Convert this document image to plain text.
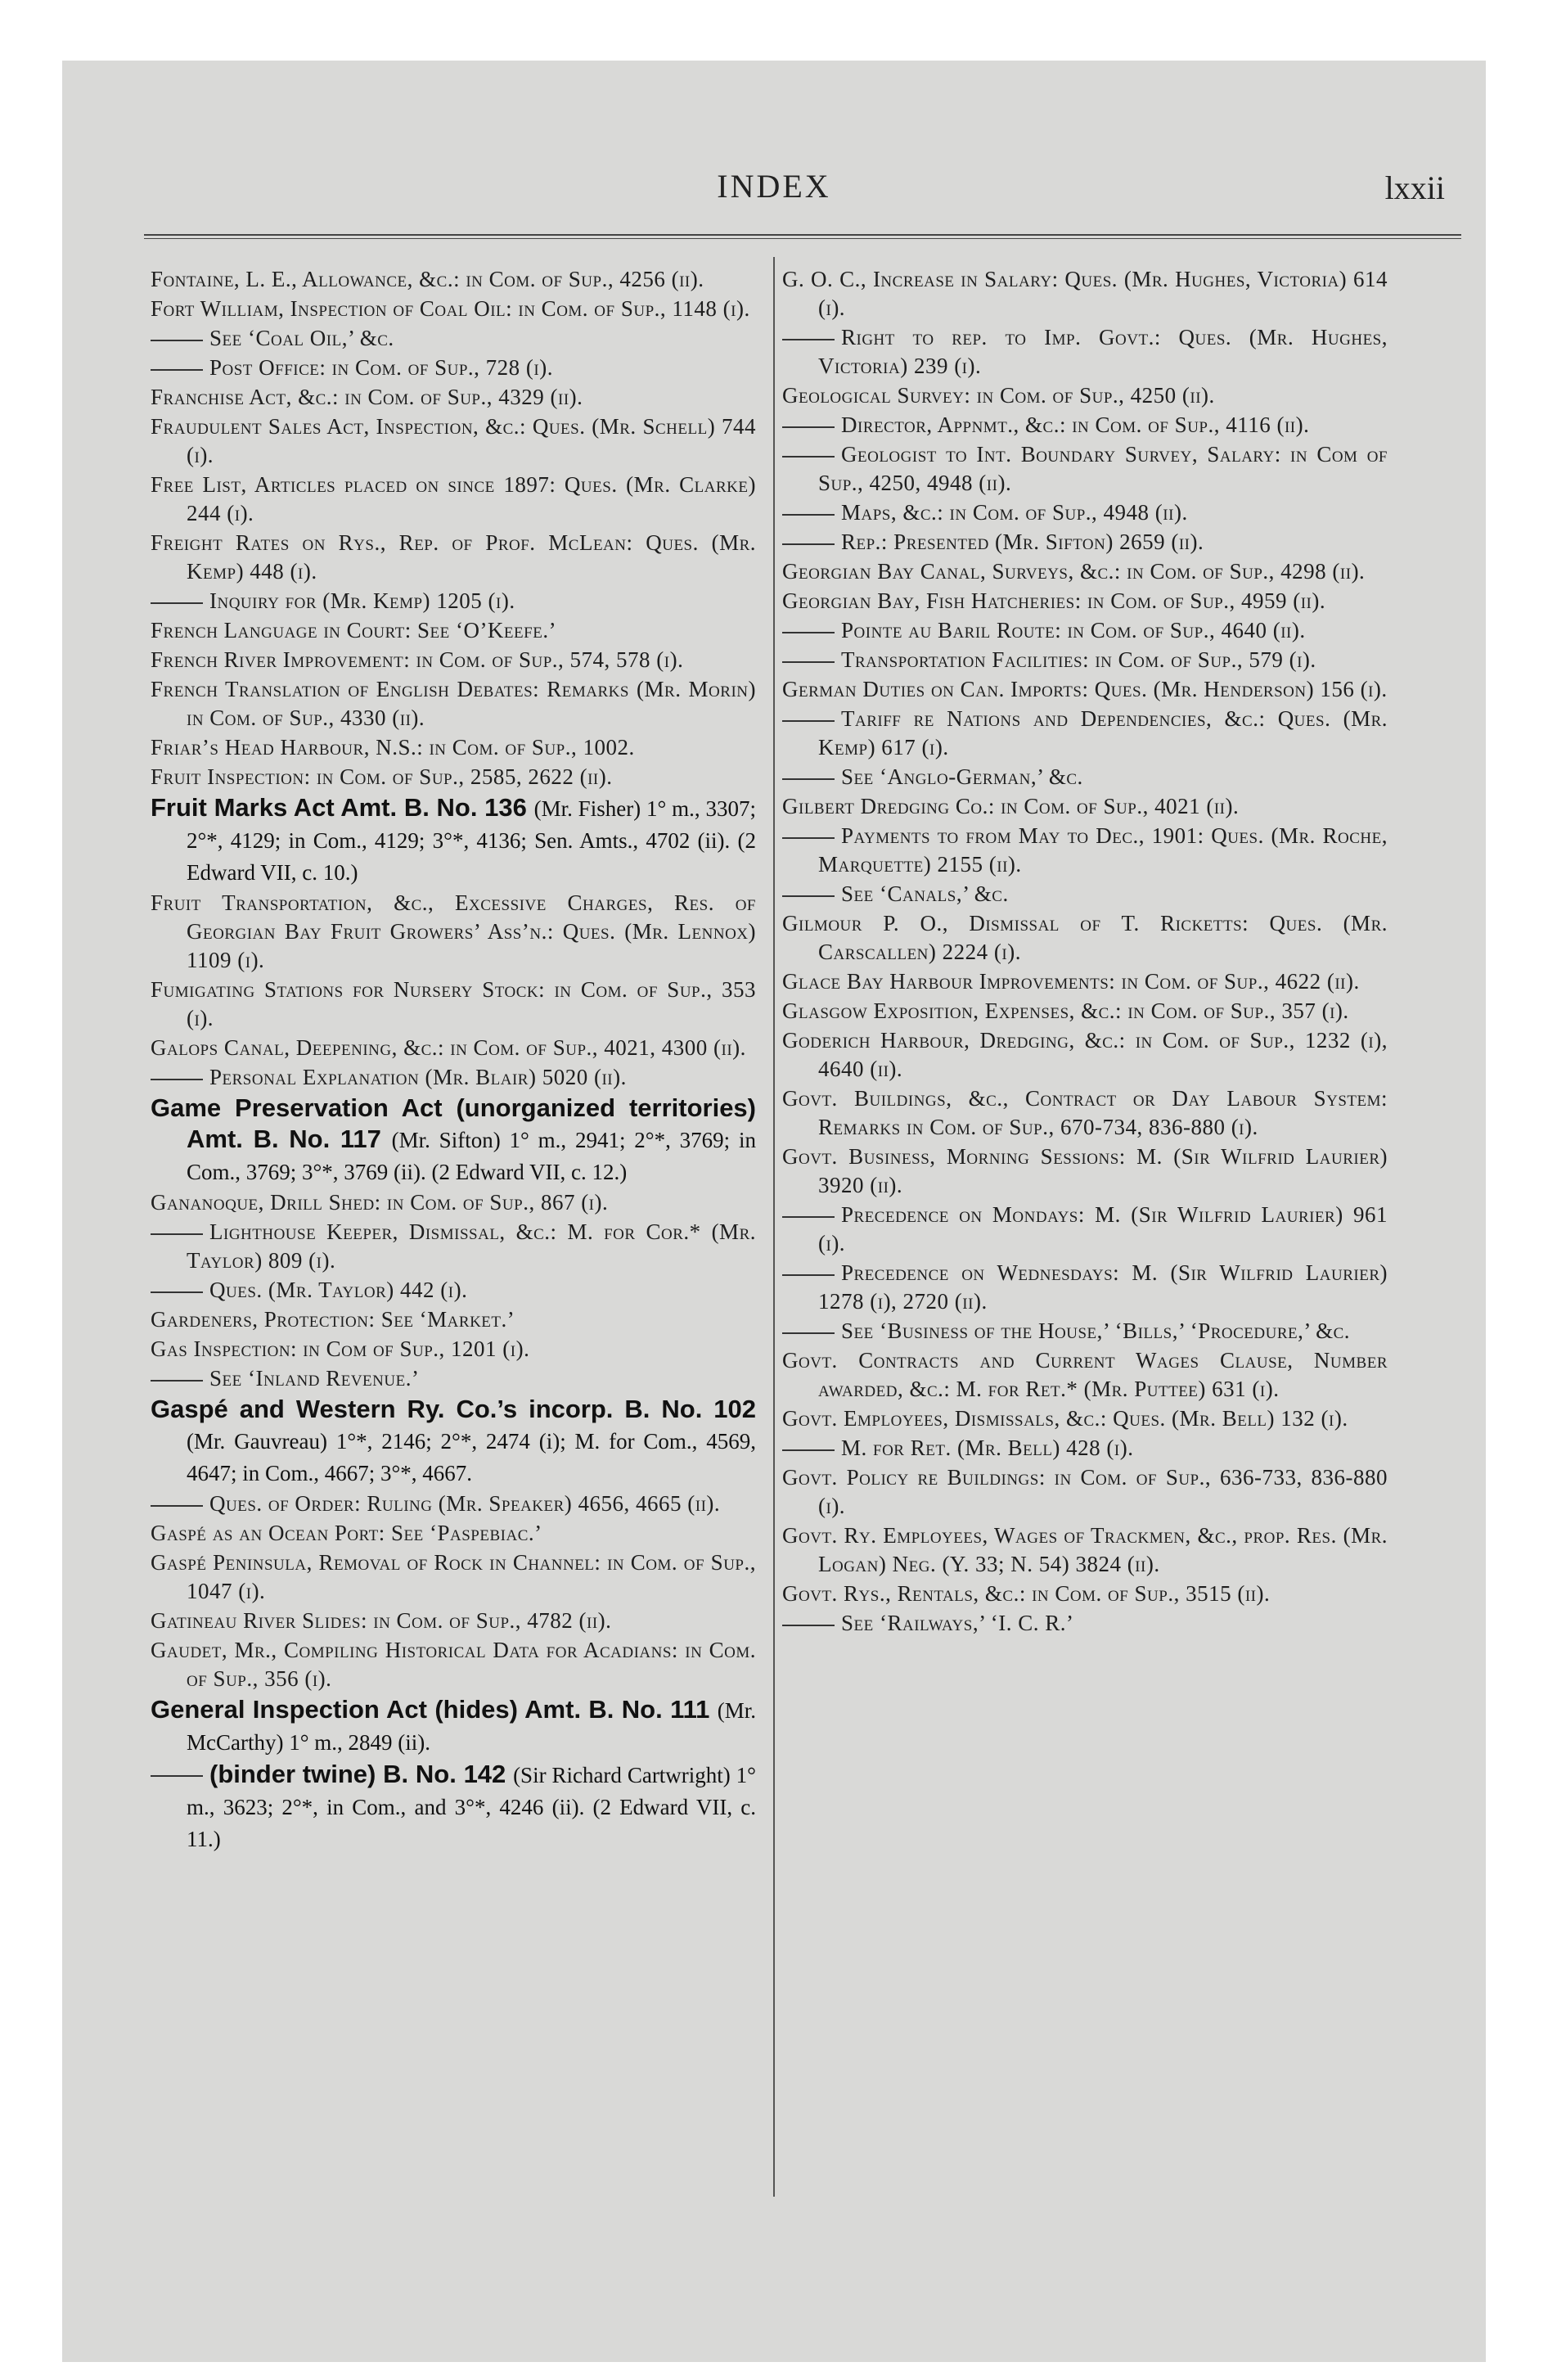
INDEX	lxxii

Fontaine, L. E., Allowance, &c.: in Com. of Sup., 4256 (ii).

Fort William, Inspection of Coal Oil: in Com. of Sup., 1148 (i).

See ‘Coal Oil,’ &c.

Post Office: in Com. of Sup., 728 (i).

Franchise Act, &c.: in Com. of Sup., 4329 (ii).

Fraudulent Sales Act, Inspection, &c.: Ques. (Mr. Schell) 744 (i).

Free List, Articles placed on since 1897: Ques. (Mr. Clarke) 244 (i).

Freight Rates on Rys., Rep. of Prof. McLean: Ques. (Mr. Kemp) 448 (i).

Inquiry for (Mr. Kemp) 1205 (i).

French Language in Court: See ‘O’Keefe.’

French River Improvement: in Com. of Sup., 574, 578 (i).

French Translation of English Debates: Remarks (Mr. Morin) in Com. of Sup., 4330 (ii).

Friar’s Head Harbour, N.S.: in Com. of Sup., 1002.

Fruit Inspection: in Com. of Sup., 2585, 2622 (ii).

Fruit Marks Act Amt. B. No. 136 (Mr. Fisher) 1° m., 3307; 2°*, 4129; in Com., 4129; 3°*, 4136; Sen. Amts., 4702 (ii). (2 Edward VII, c. 10.)

Fruit Transportation, &c., Excessive Charges, Res. of Georgian Bay Fruit Growers’ Ass’n.: Ques. (Mr. Lennox) 1109 (i).

Fumigating Stations for Nursery Stock: in Com. of Sup., 353 (i).

Galops Canal, Deepening, &c.: in Com. of Sup., 4021, 4300 (ii).

Personal Explanation (Mr. Blair) 5020 (ii).

Game Preservation Act (unorganized territories) Amt. B. No. 117 (Mr. Sifton) 1° m., 2941; 2°*, 3769; in Com., 3769; 3°*, 3769 (ii). (2 Edward VII, c. 12.)

Gananoque, Drill Shed: in Com. of Sup., 867 (i).

Lighthouse Keeper, Dismissal, &c.: M. for Cor.* (Mr. Taylor) 809 (i).

Ques. (Mr. Taylor) 442 (i).

Gardeners, Protection: See ‘Market.’

Gas Inspection: in Com of Sup., 1201 (i).

See ‘Inland Revenue.’

Gaspé and Western Ry. Co.’s incorp. B. No. 102 (Mr. Gauvreau) 1°*, 2146; 2°*, 2474 (i); M. for Com., 4569, 4647; in Com., 4667; 3°*, 4667.

Ques. of Order: Ruling (Mr. Speaker) 4656, 4665 (ii).

Gaspé as an Ocean Port: See ‘Paspebiac.’

Gaspé Peninsula, Removal of Rock in Channel: in Com. of Sup., 1047 (i).

Gatineau River Slides: in Com. of Sup., 4782 (ii).

Gaudet, Mr., Compiling Historical Data for Acadians: in Com. of Sup., 356 (i).

General Inspection Act (hides) Amt. B. No. 111 (Mr. McCarthy) 1° m., 2849 (ii).

(binder twine) B. No. 142 (Sir Richard Cartwright) 1° m., 3623; 2°*, in Com., and 3°*, 4246 (ii). (2 Edward VII, c. 11.)

G. O. C., Increase in Salary: Ques. (Mr. Hughes, Victoria) 614 (i).

Right to rep. to Imp. Govt.: Ques. (Mr. Hughes, Victoria) 239 (i).

Geological Survey: in Com. of Sup., 4250 (ii).

Director, Appnmt., &c.: in Com. of Sup., 4116 (ii).

Geologist to Int. Boundary Survey, Salary: in Com of Sup., 4250, 4948 (ii).

Maps, &c.: in Com. of Sup., 4948 (ii).

Rep.: Presented (Mr. Sifton) 2659 (ii).

Georgian Bay Canal, Surveys, &c.: in Com. of Sup., 4298 (ii).

Georgian Bay, Fish Hatcheries: in Com. of Sup., 4959 (ii).

Pointe au Baril Route: in Com. of Sup., 4640 (ii).

Transportation Facilities: in Com. of Sup., 579 (i).

German Duties on Can. Imports: Ques. (Mr. Henderson) 156 (i).

Tariff re Nations and Dependencies, &c.: Ques. (Mr. Kemp) 617 (i).

See ‘Anglo-German,’ &c.

Gilbert Dredging Co.: in Com. of Sup., 4021 (ii).

Payments to from May to Dec., 1901: Ques. (Mr. Roche, Marquette) 2155 (ii).

See ‘Canals,’ &c.

Gilmour P. O., Dismissal of T. Ricketts: Ques. (Mr. Carscallen) 2224 (i).

Glace Bay Harbour Improvements: in Com. of Sup., 4622 (ii).

Glasgow Exposition, Expenses, &c.: in Com. of Sup., 357 (i).

Goderich Harbour, Dredging, &c.: in Com. of Sup., 1232 (i), 4640 (ii).

Govt. Buildings, &c., Contract or Day Labour System: Remarks in Com. of Sup., 670-734, 836-880 (i).

Govt. Business, Morning Sessions: M. (Sir Wilfrid Laurier) 3920 (ii).

Precedence on Mondays: M. (Sir Wilfrid Laurier) 961 (i).

Precedence on Wednesdays: M. (Sir Wilfrid Laurier) 1278 (i), 2720 (ii).

See ‘Business of the House,’ ‘Bills,’ ‘Procedure,’ &c.

Govt. Contracts and Current Wages Clause, Number awarded, &c.: M. for Ret.* (Mr. Puttee) 631 (i).

Govt. Employees, Dismissals, &c.: Ques. (Mr. Bell) 132 (i).

M. for Ret. (Mr. Bell) 428 (i).

Govt. Policy re Buildings: in Com. of Sup., 636-733, 836-880 (i).

Govt. Ry. Employees, Wages of Trackmen, &c., prop. Res. (Mr. Logan) Neg. (Y. 33; N. 54) 3824 (ii).

Govt. Rys., Rentals, &c.: in Com. of Sup., 3515 (ii).

See ‘Railways,’ ‘I. C. R.’
